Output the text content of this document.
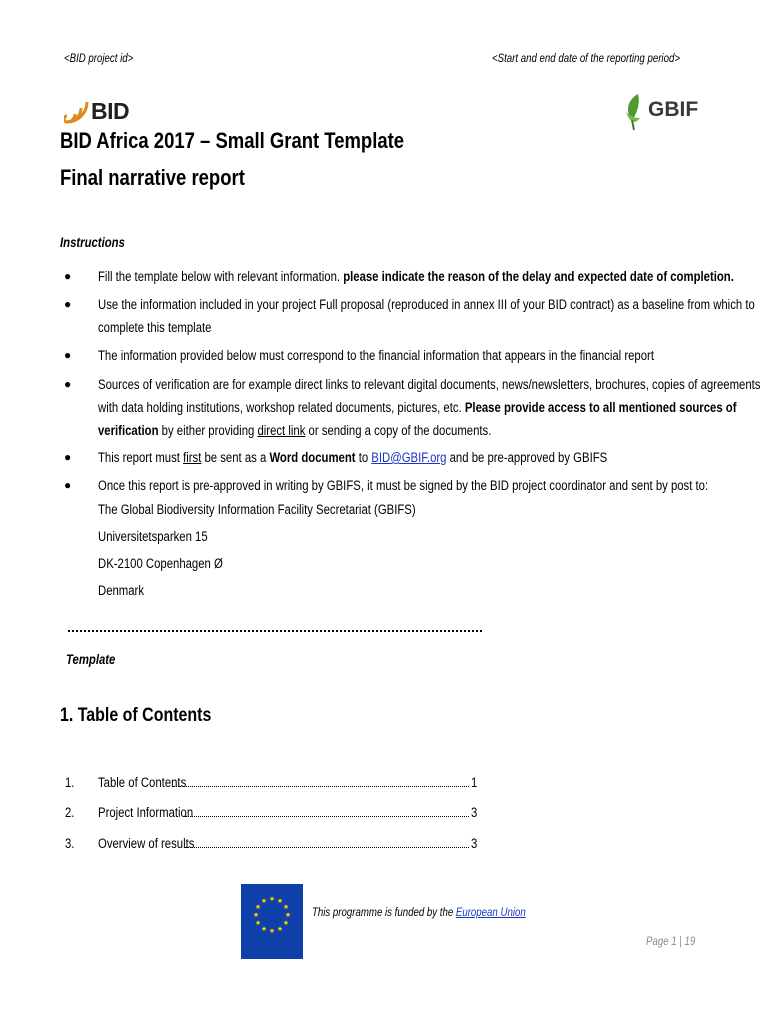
<BID project id>	<Start and end date of the reporting period>
BID	GBIF
BID Africa 2017 – Small Grant Template
Final narrative report
Instructions
● Fill the template below with relevant information. please indicate the reason of the delay and expected date of completion.
● Use the information included in your project Full proposal (reproduced in annex III of your BID contract) as a baseline from which to
complete this template
● The information provided below must correspond to the financial information that appears in the financial report
● Sources of verification are for example direct links to relevant digital documents, news/newsletters, brochures, copies of agreements
with data holding institutions, workshop related documents, pictures, etc. Please provide access to all mentioned sources of
verification by either providing direct link or sending a copy of the documents.
● This report must first be sent as a Word document to BID@GBIF.org and be pre-approved by GBIFS
● Once this report is pre-approved in writing by GBIFS, it must be signed by the BID project coordinator and sent by post to:
The Global Biodiversity Information Facility Secretariat (GBIFS)
Universitetsparken 15
DK-2100 Copenhagen Ø
Denmark
Template
1. Table of Contents
1. Table of Contents	1
2. Project Information	3
3. Overview of results	3
★ ★
★
★
★
★
★
★
★
★
★
★
This programme is funded by the European Union
Page 1 | 19
